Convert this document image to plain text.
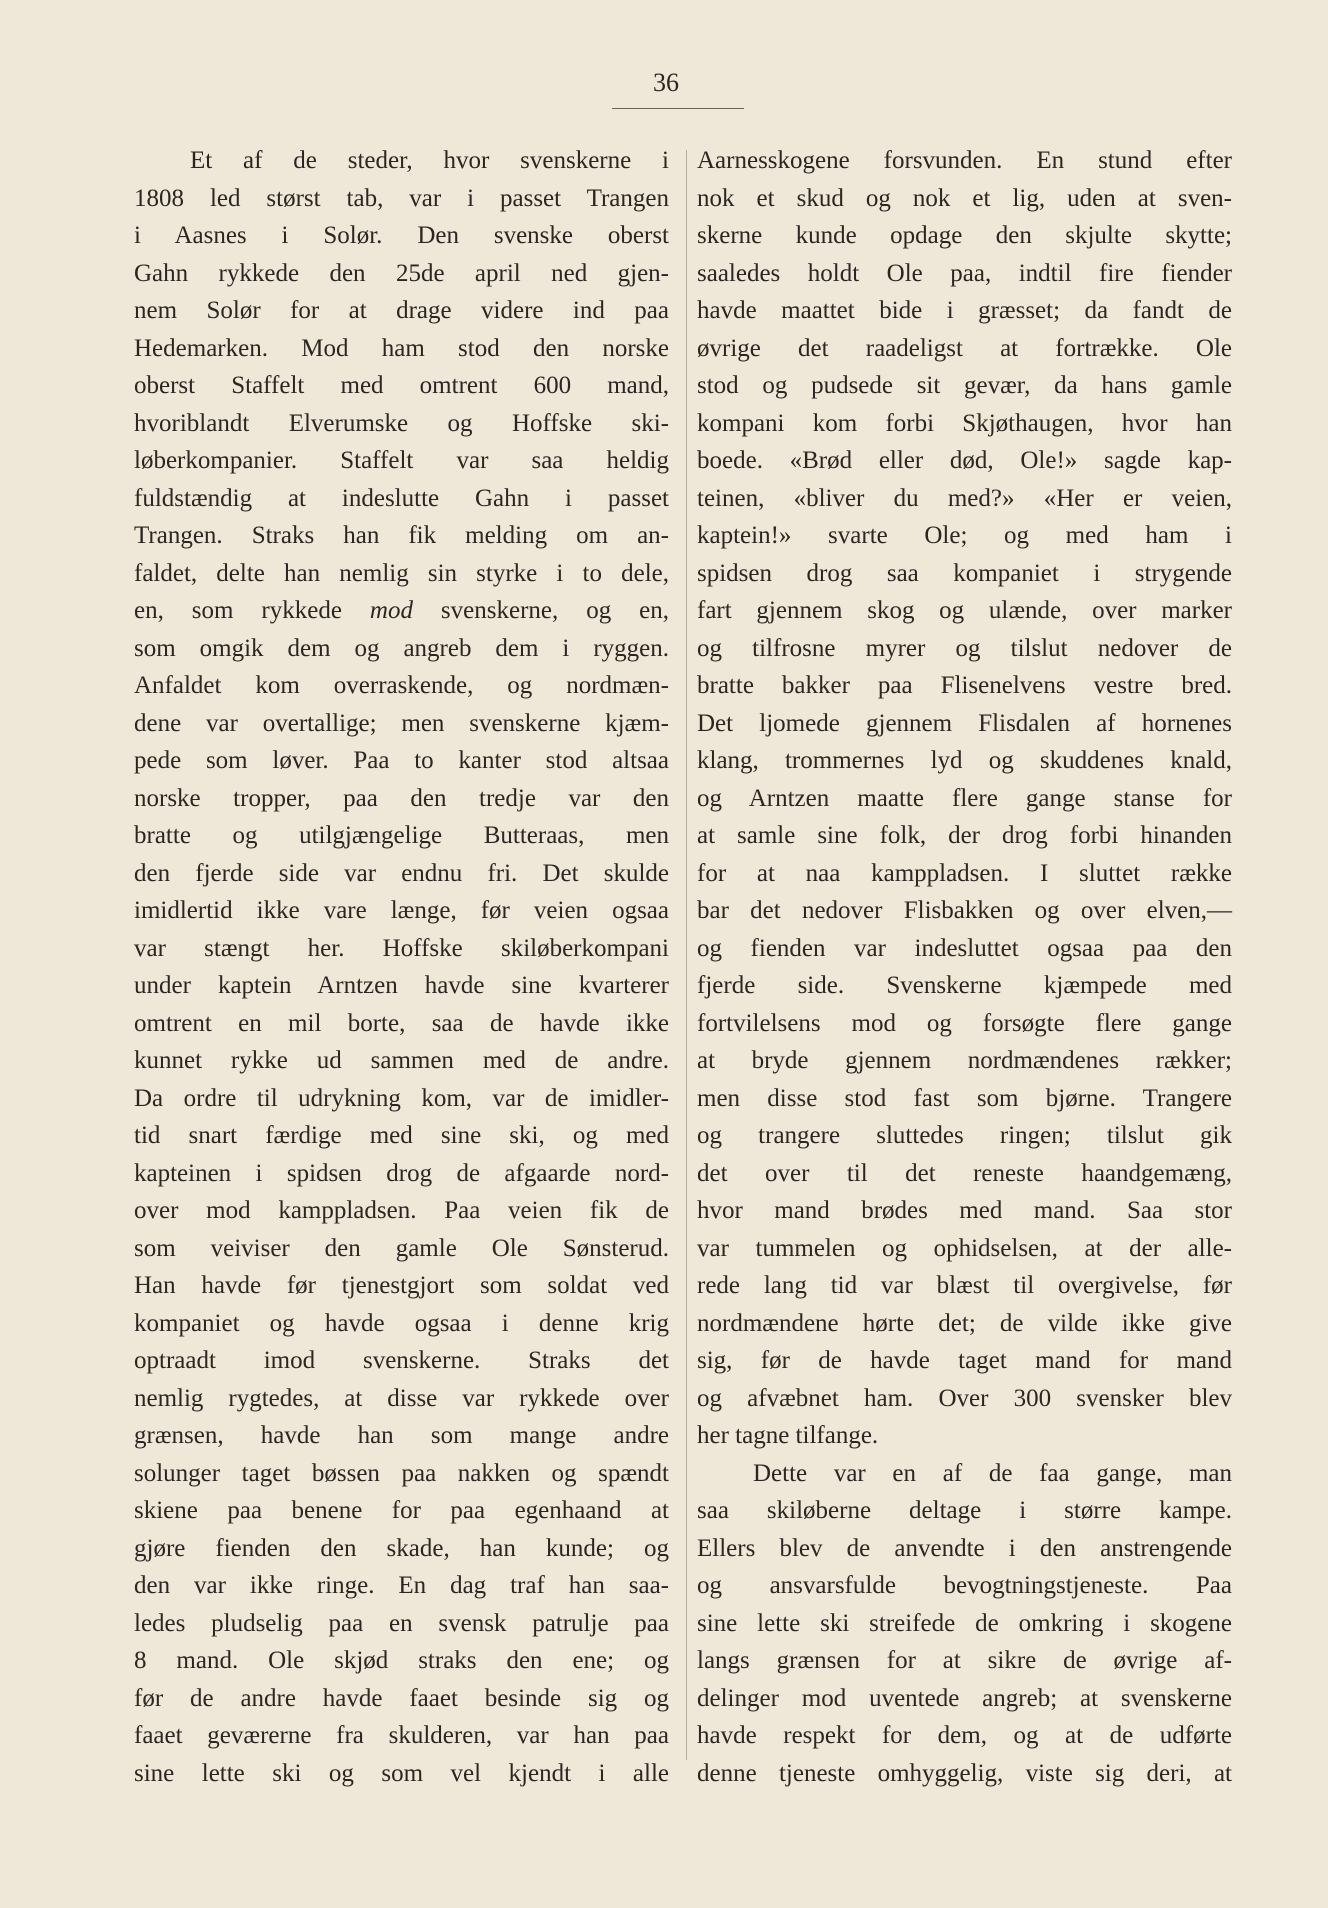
36
Et af de steder, hvor svenskerne i
1808 led størst tab, var i passet Trangen
i Aasnes i Solør. Den svenske oberst
Gahn rykkede den 25de april ned gjen-
nem Solør for at drage videre ind paa
Hedemarken. Mod ham stod den norske
oberst Staffelt med omtrent 600 mand,
hvoriblandt Elverumske og Hoffske ski-
løberkompanier. Staffelt var saa heldig
fuldstændig at indeslutte Gahn i passet
Trangen. Straks han fik melding om an-
faldet, delte han nemlig sin styrke i to dele,
en, som rykkede mod svenskerne, og en,
som omgik dem og angreb dem i ryggen.
Anfaldet kom overraskende, og nordmæn-
dene var overtallige; men svenskerne kjæm-
pede som løver. Paa to kanter stod altsaa
norske tropper, paa den tredje var den
bratte og utilgjængelige Butteraas, men
den fjerde side var endnu fri. Det skulde
imidlertid ikke vare længe, før veien ogsaa
var stængt her. Hoffske skiløberkompani
under kaptein Arntzen havde sine kvarterer
omtrent en mil borte, saa de havde ikke
kunnet rykke ud sammen med de andre.
Da ordre til udrykning kom, var de imidler-
tid snart færdige med sine ski, og med
kapteinen i spidsen drog de afgaarde nord-
over mod kamppladsen. Paa veien fik de
som veiviser den gamle Ole Sønsterud.
Han havde før tjenestgjort som soldat ved
kompaniet og havde ogsaa i denne krig
optraadt imod svenskerne. Straks det
nemlig rygtedes, at disse var rykkede over
grænsen, havde han som mange andre
solunger taget bøssen paa nakken og spændt
skiene paa benene for paa egenhaand at
gjøre fienden den skade, han kunde; og
den var ikke ringe. En dag traf han saa-
ledes pludselig paa en svensk patrulje paa
8 mand. Ole skjød straks den ene; og
før de andre havde faaet besinde sig og
faaet geværerne fra skulderen, var han paa
sine lette ski og som vel kjendt i alle
Aarnesskogene forsvunden. En stund efter
nok et skud og nok et lig, uden at sven-
skerne kunde opdage den skjulte skytte;
saaledes holdt Ole paa, indtil fire fiender
havde maattet bide i græsset; da fandt de
øvrige det raadeligst at fortrække. Ole
stod og pudsede sit gevær, da hans gamle
kompani kom forbi Skjøthaugen, hvor han
boede. «Brød eller død, Ole!» sagde kap-
teinen, «bliver du med?» «Her er veien,
kaptein!» svarte Ole; og med ham i
spidsen drog saa kompaniet i strygende
fart gjennem skog og ulænde, over marker
og tilfrosne myrer og tilslut nedover de
bratte bakker paa Flisenelvens vestre bred.
Det ljomede gjennem Flisdalen af hornenes
klang, trommernes lyd og skuddenes knald,
og Arntzen maatte flere gange stanse for
at samle sine folk, der drog forbi hinanden
for at naa kamppladsen. I sluttet række
bar det nedover Flisbakken og over elven,—
og fienden var indesluttet ogsaa paa den
fjerde side. Svenskerne kjæmpede med
fortvilelsens mod og forsøgte flere gange
at bryde gjennem nordmændenes rækker;
men disse stod fast som bjørne. Trangere
og trangere sluttedes ringen; tilslut gik
det over til det reneste haandgemæng,
hvor mand brødes med mand. Saa stor
var tummelen og ophidselsen, at der alle-
rede lang tid var blæst til overgivelse, før
nordmændene hørte det; de vilde ikke give
sig, før de havde taget mand for mand
og afvæbnet ham. Over 300 svensker blev
her tagne tilfange.
Dette var en af de faa gange, man
saa skiløberne deltage i større kampe.
Ellers blev de anvendte i den anstrengende
og ansvarsfulde bevogtningstjeneste. Paa
sine lette ski streifede de omkring i skogene
langs grænsen for at sikre de øvrige af-
delinger mod uventede angreb; at svenskerne
havde respekt for dem, og at de udførte
denne tjeneste omhyggelig, viste sig deri, at
